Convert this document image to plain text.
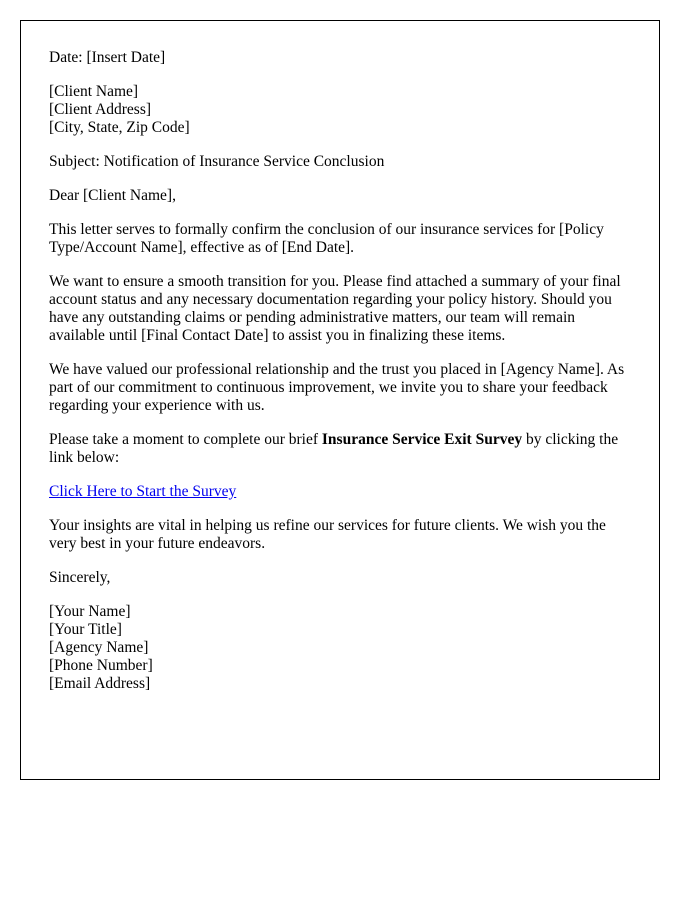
Date: [Insert Date]

[Client Name]
[Client Address]
[City, State, Zip Code]

Subject: Notification of Insurance Service Conclusion

Dear [Client Name],

This letter serves to formally confirm the conclusion of our insurance services for [Policy Type/Account Name], effective as of [End Date].

We want to ensure a smooth transition for you. Please find attached a summary of your final account status and any necessary documentation regarding your policy history. Should you have any outstanding claims or pending administrative matters, our team will remain available until [Final Contact Date] to assist you in finalizing these items.

We have valued our professional relationship and the trust you placed in [Agency Name]. As part of our commitment to continuous improvement, we invite you to share your feedback regarding your experience with us.

Please take a moment to complete our brief Insurance Service Exit Survey by clicking the link below:

Click Here to Start the Survey

Your insights are vital in helping us refine our services for future clients. We wish you the very best in your future endeavors.

Sincerely,

[Your Name]
[Your Title]
[Agency Name]
[Phone Number]
[Email Address]
